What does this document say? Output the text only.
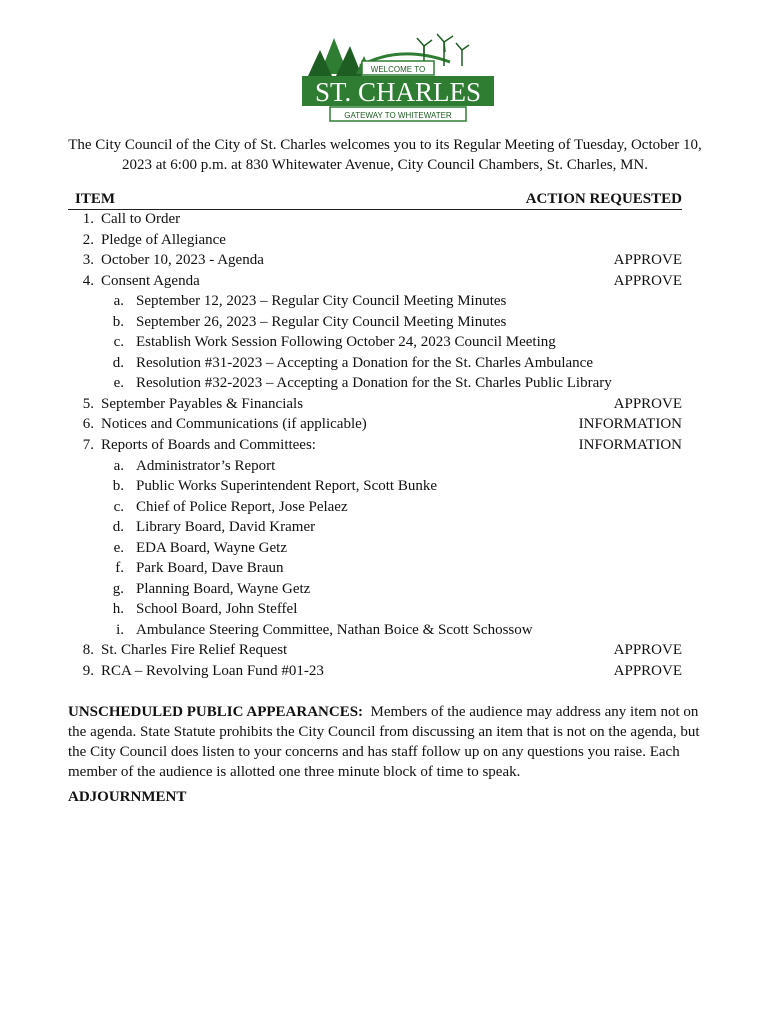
WELCOME TO
ST. CHARLES
GATEWAY TO WHITEWATER
The City Council of the City of St. Charles welcomes you to its Regular Meeting of Tuesday, October 10, 2023 at 6:00 p.m. at 830 Whitewater Avenue, City Council Chambers, St. Charles, MN.
ITEM	ACTION REQUESTED
1. Call to Order
2. Pledge of Allegiance
3. October 10, 2023 - Agenda	APPROVE
4. Consent Agenda	APPROVE
a. September 12, 2023 – Regular City Council Meeting Minutes
b. September 26, 2023 – Regular City Council Meeting Minutes
c. Establish Work Session Following October 24, 2023 Council Meeting
d. Resolution #31-2023 – Accepting a Donation for the St. Charles Ambulance
e. Resolution #32-2023 – Accepting a Donation for the St. Charles Public Library
5. September Payables & Financials	APPROVE
6. Notices and Communications (if applicable)	INFORMATION
7. Reports of Boards and Committees:	INFORMATION
a. Administrator’s Report
b. Public Works Superintendent Report, Scott Bunke
c. Chief of Police Report, Jose Pelaez
d. Library Board, David Kramer
e. EDA Board, Wayne Getz
f. Park Board, Dave Braun
g. Planning Board, Wayne Getz
h. School Board, John Steffel
i. Ambulance Steering Committee, Nathan Boice & Scott Schossow
8. St. Charles Fire Relief Request	APPROVE
9. RCA – Revolving Loan Fund #01-23	APPROVE
UNSCHEDULED PUBLIC APPEARANCES: Members of the audience may address any item not on the agenda. State Statute prohibits the City Council from discussing an item that is not on the agenda, but the City Council does listen to your concerns and has staff follow up on any questions you raise. Each member of the audience is allotted one three minute block of time to speak.
ADJOURNMENT
